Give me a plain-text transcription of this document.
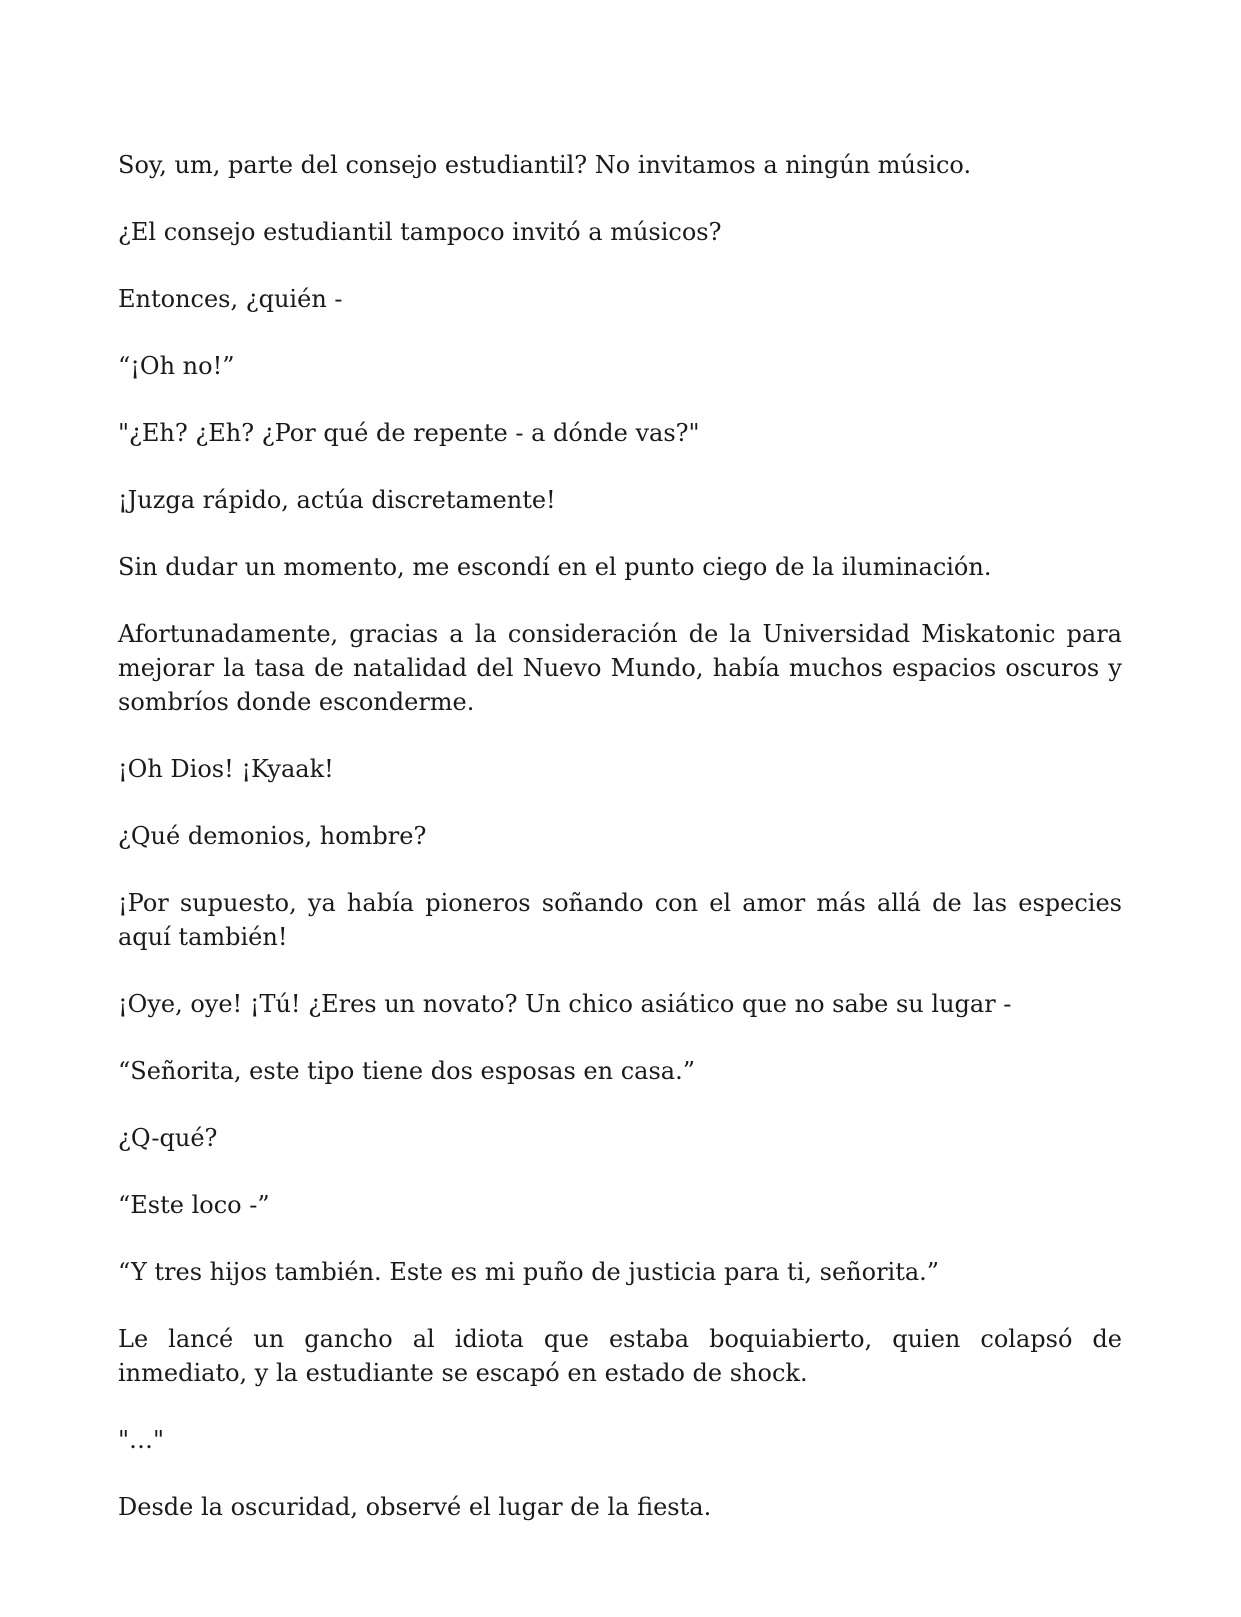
Soy, um, parte del consejo estudiantil? No invitamos a ningún músico.

¿El consejo estudiantil tampoco invitó a músicos?

Entonces, ¿quién -

“¡Oh no!”

"¿Eh? ¿Eh? ¿Por qué de repente - a dónde vas?"

¡Juzga rápido, actúa discretamente!

Sin dudar un momento, me escondí en el punto ciego de la iluminación.

Afortunadamente, gracias a la consideración de la Universidad Miskatonic para mejorar la tasa de natalidad del Nuevo Mundo, había muchos espacios oscuros y sombríos donde esconderme.

¡Oh Dios! ¡Kyaak!

¿Qué demonios, hombre?

¡Por supuesto, ya había pioneros soñando con el amor más allá de las especies aquí también!

¡Oye, oye! ¡Tú! ¿Eres un novato? Un chico asiático que no sabe su lugar -

“Señorita, este tipo tiene dos esposas en casa.”

¿Q-qué?

“Este loco -”

“Y tres hijos también. Este es mi puño de justicia para ti, señorita.”

Le lancé un gancho al idiota que estaba boquiabierto, quien colapsó de inmediato, y la estudiante se escapó en estado de shock.

"…"

Desde la oscuridad, observé el lugar de la fiesta.
